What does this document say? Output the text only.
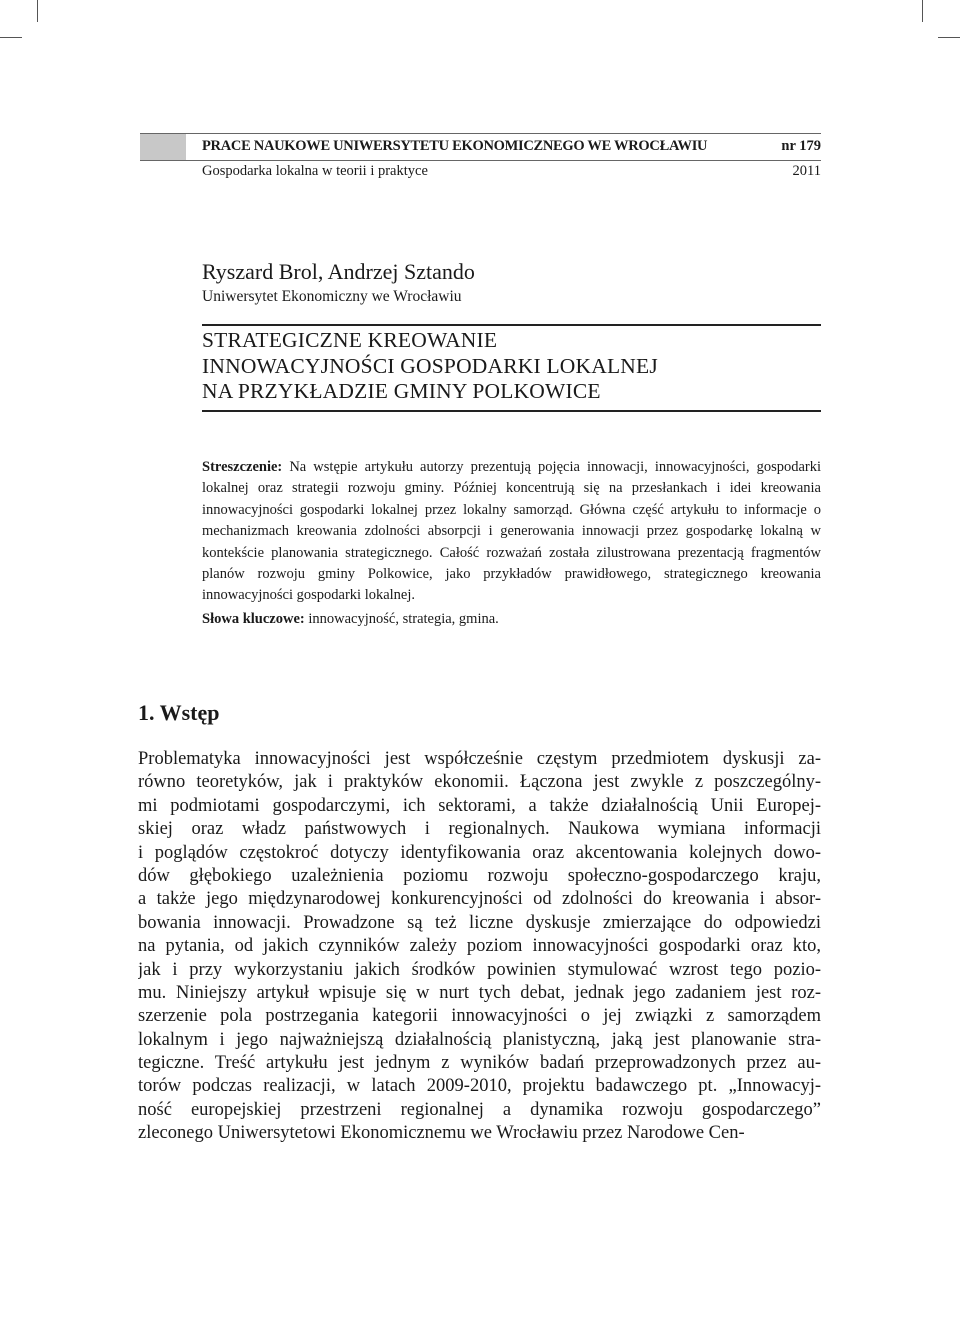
PRACE NAUKOWE UNIWERSYTETU EKONOMICZNEGO WE WROCŁAWIU	nr 179
Gospodarka lokalna w teorii i praktyce	2011
Ryszard Brol, Andrzej Sztando
Uniwersytet Ekonomiczny we Wrocławiu
STRATEGICZNE KREOWANIE
INNOWACYJNOŚCI GOSPODARKI LOKALNEJ
NA PRZYKŁADZIE GMINY POLKOWICE
Streszczenie: Na wstępie artykułu autorzy prezentują pojęcia innowacji, innowacyjności, gospodarki lokalnej oraz strategii rozwoju gminy. Później koncentrują się na przesłankach i idei kreowania innowacyjności gospodarki lokalnej przez lokalny samorząd. Główna część artykułu to informacje o mechanizmach kreowania zdolności absorpcji i generowania innowacji przez gospodarkę lokalną w kontekście planowania strategicznego. Całość rozważań została zilustrowana prezentacją fragmentów planów rozwoju gminy Polkowice, jako przykładów prawidłowego, strategicznego kreowania innowacyjności gospodarki lokalnej.
Słowa kluczowe: innowacyjność, strategia, gmina.
1. Wstęp
Problematyka innowacyjności jest współcześnie częstym przedmiotem dyskusji za-
równo teoretyków, jak i praktyków ekonomii. Łączona jest zwykle z poszczególny-
mi podmiotami gospodarczymi, ich sektorami, a także działalnością Unii Europej-
skiej oraz władz państwowych i regionalnych. Naukowa wymiana informacji
i poglądów częstokroć dotyczy identyfikowania oraz akcentowania kolejnych dowo-
dów głębokiego uzależnienia poziomu rozwoju społeczno-gospodarczego kraju,
a także jego międzynarodowej konkurencyjności od zdolności do kreowania i absor-
bowania innowacji. Prowadzone są też liczne dyskusje zmierzające do odpowiedzi
na pytania, od jakich czynników zależy poziom innowacyjności gospodarki oraz kto,
jak i przy wykorzystaniu jakich środków powinien stymulować wzrost tego pozio-
mu. Niniejszy artykuł wpisuje się w nurt tych debat, jednak jego zadaniem jest roz-
szerzenie pola postrzegania kategorii innowacyjności o jej związki z samorządem
lokalnym i jego najważniejszą działalnością planistyczną, jaką jest planowanie stra-
tegiczne. Treść artykułu jest jednym z wyników badań przeprowadzonych przez au-
torów podczas realizacji, w latach 2009-2010, projektu badawczego pt. „Innowacyj-
ność europejskiej przestrzeni regionalnej a dynamika rozwoju gospodarczego”
zleconego Uniwersytetowi Ekonomicznemu we Wrocławiu przez Narodowe Cen-
